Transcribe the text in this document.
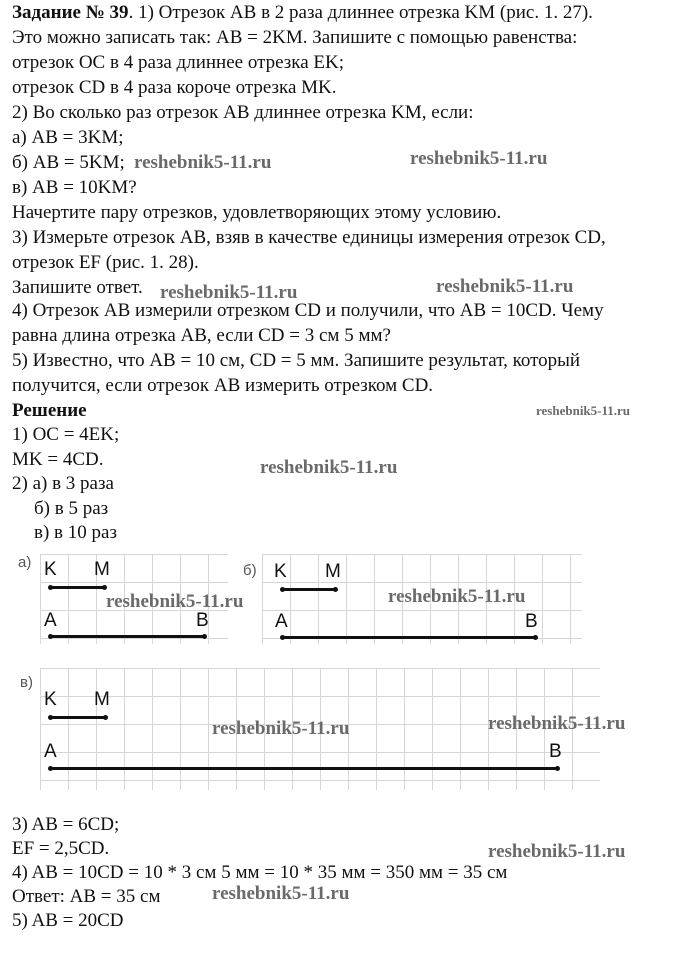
Задание № 39. 1) Отрезок AB в 2 раза длиннее отрезка KM (рис. 1. 27).
Это можно записать так: AB = 2KM. Запишите с помощью равенства:
отрезок OC в 4 раза длиннее отрезка EK;
отрезок CD в 4 раза короче отрезка MK.
2) Во сколько раз отрезок AB длиннее отрезка KM, если:
а) AB = 3KM;
б) AB = 5KM;
в) AB = 10KM?
Начертите пару отрезков, удовлетворяющих этому условию.
3) Измерьте отрезок AB, взяв в качестве единицы измерения отрезок CD,
отрезок EF (рис. 1. 28).
Запишите ответ.
4) Отрезок AB измерили отрезком CD и получили, что AB = 10CD. Чему
равна длина отрезка AB, если CD = 3 см 5 мм?
5) Известно, что AB = 10 см, CD = 5 мм. Запишите результат, который
получится, если отрезок AB измерить отрезком CD.
Решение
1) OC = 4EK;
MK = 4CD.
2) а) в 3 раза
б) в 5 раз
в) в 10 раз
а) K M
A	B
б) K M
A	B
в)
K M
A	B
3) AB = 6CD;
EF = 2,5CD.
4) AB = 10CD = 10 * 3 см 5 мм = 10 * 35 мм = 350 мм = 35 см
Ответ: AB = 35 см
5) AB = 20CD
reshebnik5-11.ru	reshebnik5-11.ru
reshebnik5-11.ru	reshebnik5-11.ru
reshebnik5-11.ru
reshebnik5-11.ru
reshebnik5-11.ru	reshebnik5-11.ru
reshebnik5-11.ru	reshebnik5-11.ru
reshebnik5-11.ru
reshebnik5-11.ru
